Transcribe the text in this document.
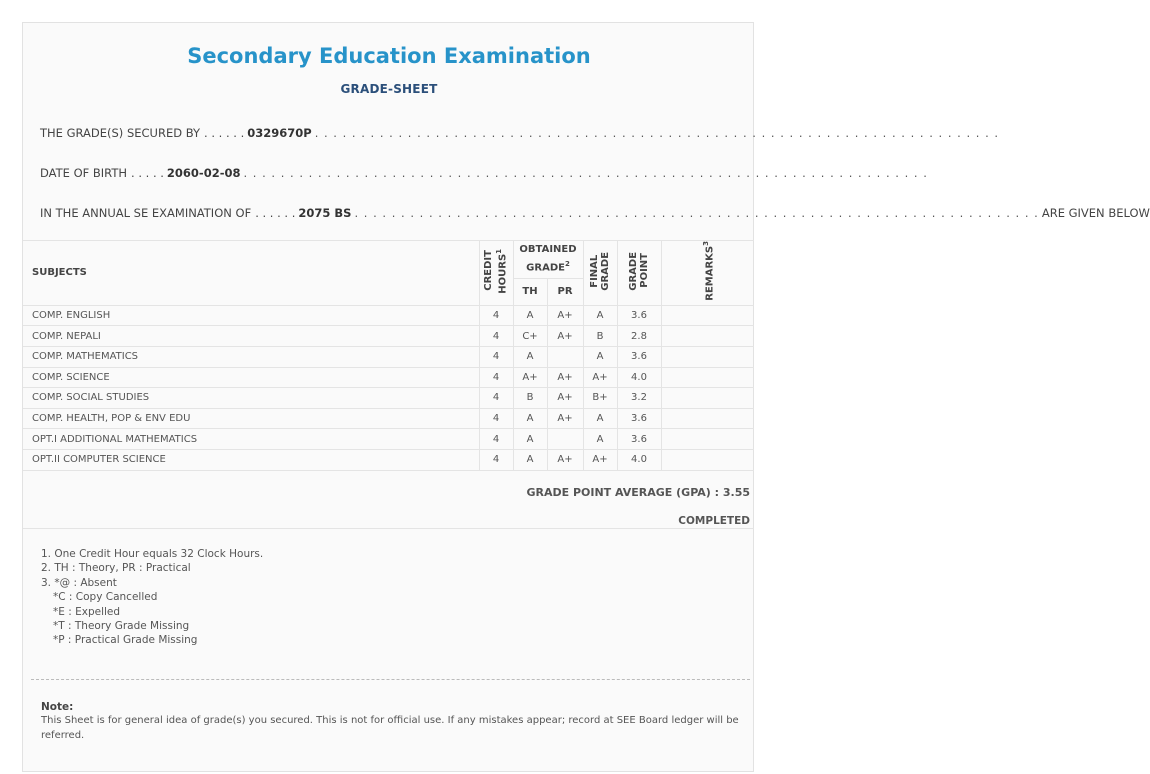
Secondary Education Examination
GRADE-SHEET
THE GRADE(S) SECURED BY . . . . . . 0329670P . . . . . . . . . . . . . . . . . . . . . . . . . . . . . . . . . . . . . . . . . . . . . . . . . . . . . . . . . . . . . . . . . . . . . . . . . .
DATE OF BIRTH . . . . . 2060-02-08 . . . . . . . . . . . . . . . . . . . . . . . . . . . . . . . . . . . . . . . . . . . . . . . . . . . . . . . . . . . . . . . . . . . . . . . . . .
IN THE ANNUAL SE EXAMINATION OF . . . . . . 2075 BS . . . . . . . . . . . . . . . . . . . . . . . . . . . . . . . . . . . . . . . . . . . . . . . . . . . . . . . . . . . . . . . . . . . . . . . . . . ARE GIVEN BELOW
SUBJECTS	CREDIT HOURS$^1$	OBTAINED GRADE$^2$		FINAL GRADE	GRADE POINT	REMARKS$^3$

		TH	PR			
COMP. ENGLISH	4	A	A+	A	3.6	
COMP. NEPALI	4	C+	A+	B	2.8	
COMP. MATHEMATICS	4	A		A	3.6	
COMP. SCIENCE	4	A+	A+	A+	4.0	
COMP. SOCIAL STUDIES	4	B	A+	B+	3.2	
COMP. HEALTH, POP & ENV EDU	4	A	A+	A	3.6	
OPT.I ADDITIONAL MATHEMATICS	4	A		A	3.6	
OPT.II COMPUTER SCIENCE	4	A	A+	A+	4.0	
GRADE POINT AVERAGE (GPA) : 3.55
COMPLETED
1. One Credit Hour equals 32 Clock Hours.
2. TH : Theory, PR : Practical
3. *@ : Absent
*C : Copy Cancelled
*E : Expelled
*T : Theory Grade Missing
*P : Practical Grade Missing
Note:
This Sheet is for general idea of grade(s) you secured. This is not for official use. If any mistakes appear; record at SEE Board ledger will be referred.
